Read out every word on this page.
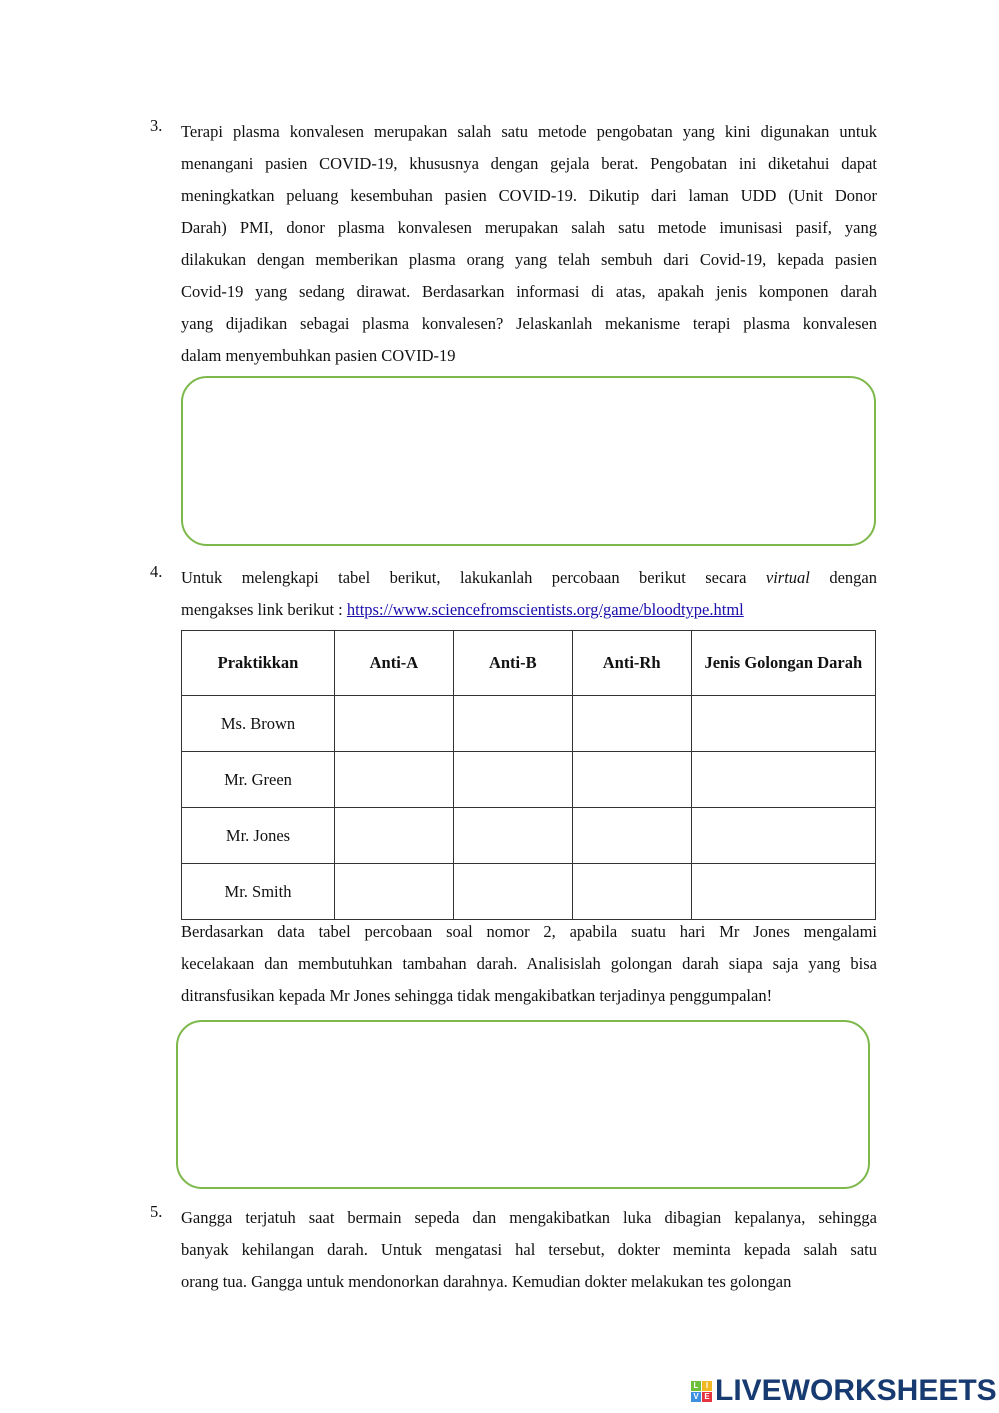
3. Terapi plasma konvalesen merupakan salah satu metode pengobatan yang kini digunakan untuk
menangani pasien COVID-19, khususnya dengan gejala berat. Pengobatan ini diketahui dapat
meningkatkan peluang kesembuhan pasien COVID-19. Dikutip dari laman UDD (Unit Donor
Darah) PMI, donor plasma konvalesen merupakan salah satu metode imunisasi pasif, yang
dilakukan dengan memberikan plasma orang yang telah sembuh dari Covid-19, kepada pasien
Covid-19 yang sedang dirawat. Berdasarkan informasi di atas, apakah jenis komponen darah
yang dijadikan sebagai plasma konvalesen? Jelaskanlah mekanisme terapi plasma konvalesen
dalam menyembuhkan pasien COVID-19
4. Untuk melengkapi tabel berikut, lakukanlah percobaan berikut secara virtual dengan
mengakses link berikut : https://www.sciencefromscientists.org/game/bloodtype.html
Praktikkan	Anti-A	Anti-B	Anti-Rh	Jenis Golongan Darah
Ms. Brown				
Mr. Green				
Mr. Jones				
Mr. Smith				
Berdasarkan data tabel percobaan soal nomor 2, apabila suatu hari Mr Jones mengalami
kecelakaan dan membutuhkan tambahan darah. Analisislah golongan darah siapa saja yang bisa
ditransfusikan kepada Mr Jones sehingga tidak mengakibatkan terjadinya penggumpalan!
5. Gangga terjatuh saat bermain sepeda dan mengakibatkan luka dibagian kepalanya, sehingga
banyak kehilangan darah. Untuk mengatasi hal tersebut, dokter meminta kepada salah satu
orang tua. Gangga untuk mendonorkan darahnya. Kemudian dokter melakukan tes golongan
L I
V E LIVEWORKSHEETS
